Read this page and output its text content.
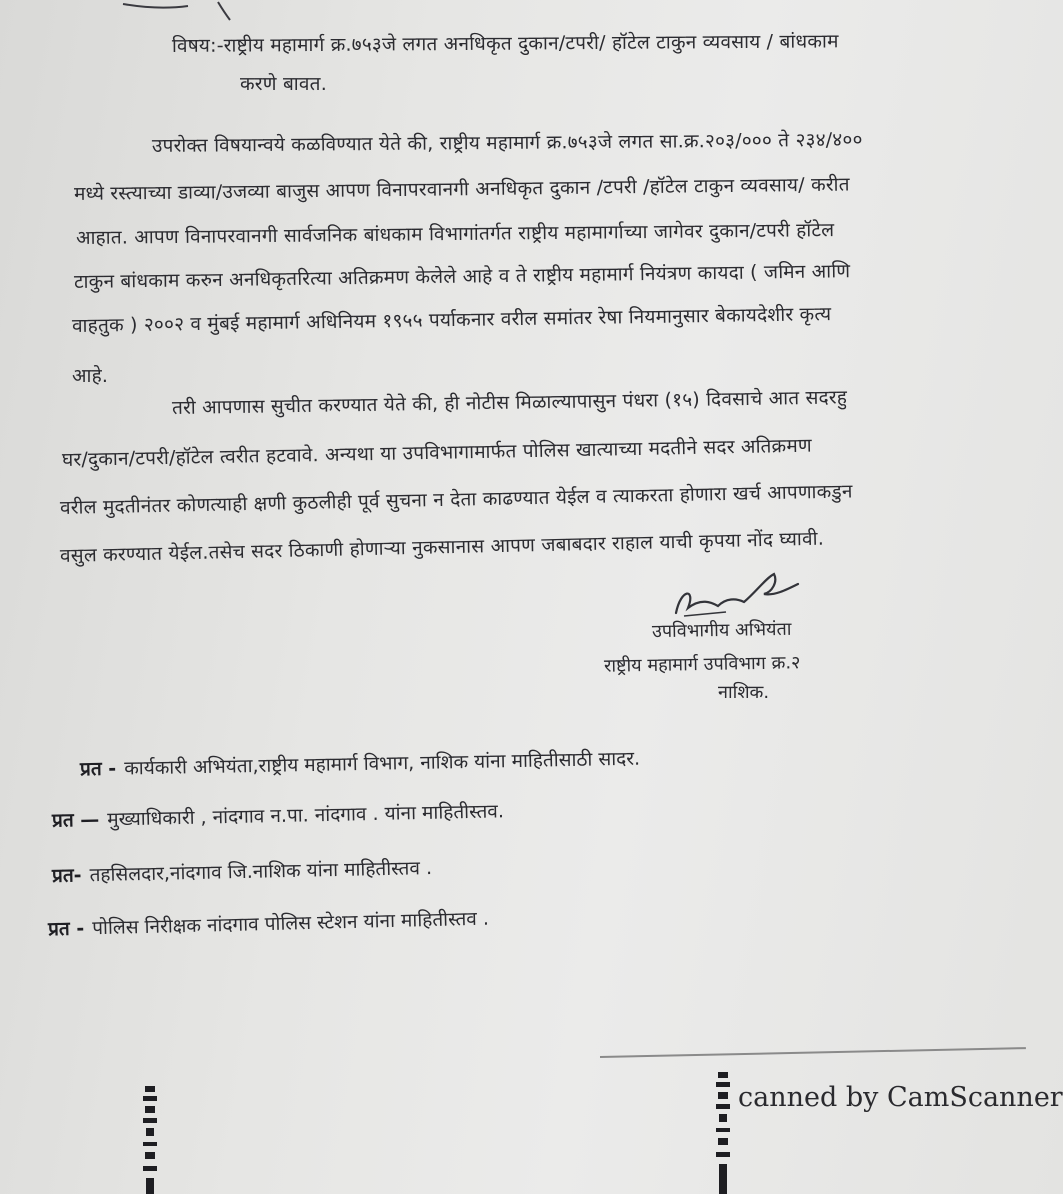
विषय:-राष्ट्रीय महामार्ग क्र.७५३जे लगत अनधिकृत दुकान/टपरी/ हॉटेल टाकुन व्यवसाय / बांधकाम
करणे बावत.
उपरोक्त विषयान्वये कळविण्यात येते की, राष्ट्रीय महामार्ग क्र.७५३जे लगत सा.क्र.२०३/००० ते २३४/४००
मध्ये रस्त्याच्या डाव्या/उजव्या बाजुस आपण विनापरवानगी अनधिकृत दुकान /टपरी /हॉटेल टाकुन व्यवसाय/ करीत
आहात. आपण विनापरवानगी सार्वजनिक बांधकाम विभागांतर्गत राष्ट्रीय महामार्गाच्या जागेवर दुकान/टपरी हॉटेल
टाकुन बांधकाम करुन अनधिकृतरित्या अतिक्रमण केलेले आहे व ते राष्ट्रीय महामार्ग नियंत्रण कायदा ( जमिन आणि
वाहतुक ) २००२ व मुंबई महामार्ग अधिनियम १९५५ पर्याकनार वरील समांतर रेषा नियमानुसार बेकायदेशीर कृत्य
आहे.
तरी आपणास सुचीत करण्यात येते की, ही नोटीस मिळाल्यापासुन पंधरा (१५) दिवसाचे आत सदरहु
घर/दुकान/टपरी/हॉटेल त्वरीत हटवावे. अन्यथा या उपविभागामार्फत पोलिस खात्याच्या मदतीने सदर अतिक्रमण
वरील मुदतीनंतर कोणत्याही क्षणी कुठलीही पूर्व सुचना न देता काढण्यात येईल व त्याकरता होणारा खर्च आपणाकडुन
वसुल करण्यात येईल.तसेच सदर ठिकाणी होणाऱ्या नुकसानास आपण जबाबदार राहाल याची कृपया नोंद घ्यावी.
उपविभागीय अभियंता
राष्ट्रीय महामार्ग उपविभाग क्र.२
नाशिक.
प्रत - कार्यकारी अभियंता,राष्ट्रीय महामार्ग विभाग, नाशिक यांना माहितीसाठी सादर.
प्रत — मुख्याधिकारी , नांदगाव न.पा. नांदगाव . यांना माहितीस्तव.
प्रत- तहसिलदार,नांदगाव जि.नाशिक यांना माहितीस्तव .
प्रत - पोलिस निरीक्षक नांदगाव पोलिस स्टेशन यांना माहितीस्तव .
canned by CamScanner
